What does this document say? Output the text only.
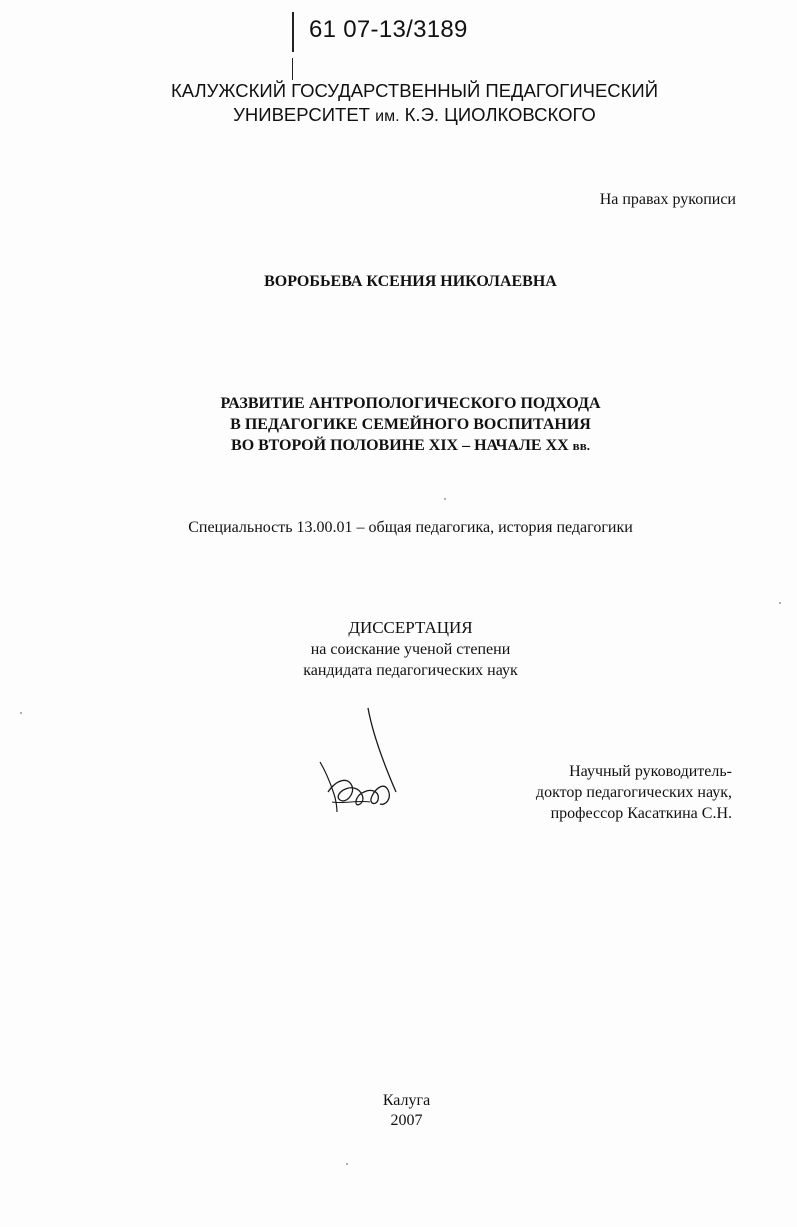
61 07-13/3189
КАЛУЖСКИЙ ГОСУДАРСТВЕННЫЙ ПЕДАГОГИЧЕСКИЙ
УНИВЕРСИТЕТ им. К.Э. ЦИОЛКОВСКОГО
На правах рукописи
ВОРОБЬЕВА КСЕНИЯ НИКОЛАЕВНА
РАЗВИТИЕ АНТРОПОЛОГИЧЕСКОГО ПОДХОДА
В ПЕДАГОГИКЕ СЕМЕЙНОГО ВОСПИТАНИЯ
ВО ВТОРОЙ ПОЛОВИНЕ XIX – НАЧАЛЕ XX вв.
Специальность 13.00.01 – общая педагогика, история педагогики
ДИССЕРТАЦИЯ
на соискание ученой степени
кандидата педагогических наук
Научный руководитель-
доктор педагогических наук,
профессор Касаткина С.Н.
Калуга
2007
